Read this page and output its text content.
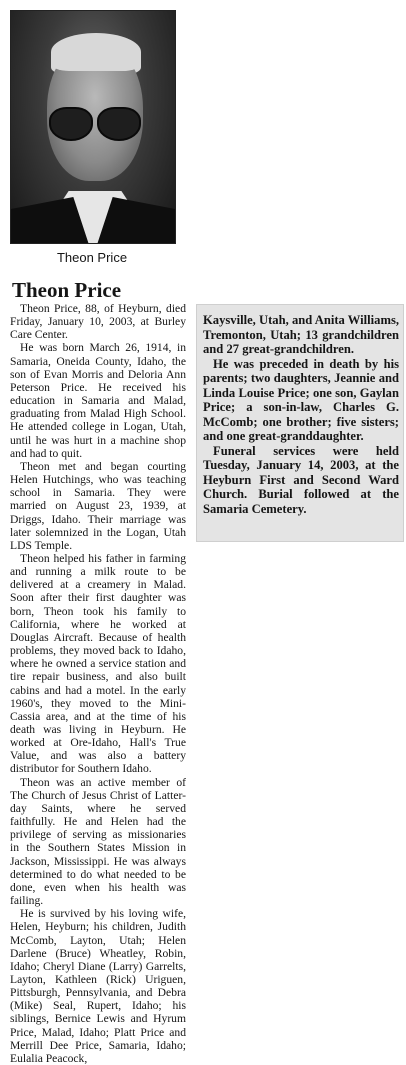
Theon Price
Theon Price

Theon Price, 88, of Heyburn, died Friday, January 10, 2003, at Burley Care Center.

He was born March 26, 1914, in Samaria, Oneida County, Idaho, the son of Evan Morris and Deloria Ann Peterson Price. He received his education in Samaria and Malad, graduating from Malad High School. He attended college in Logan, Utah, until he was hurt in a machine shop and had to quit.

Theon met and began courting Helen Hutchings, who was teaching school in Samaria. They were married on August 23, 1939, at Driggs, Idaho. Their marriage was later solemnized in the Logan, Utah LDS Temple.

Theon helped his father in farming and running a milk route to be delivered at a creamery in Malad. Soon after their first daughter was born, Theon took his family to California, where he worked at Douglas Aircraft. Because of health problems, they moved back to Idaho, where he owned a service station and tire repair business, and also built cabins and had a motel. In the early 1960's, they moved to the Mini-Cassia area, and at the time of his death was living in Heyburn. He worked at Ore-Idaho, Hall's True Value, and was also a battery distributor for Southern Idaho.

Theon was an active member of The Church of Jesus Christ of Latter-day Saints, where he served faithfully. He and Helen had the privilege of serving as missionaries in the Southern States Mission in Jackson, Mississippi. He was always determined to do what needed to be done, even when his health was failing.

He is survived by his loving wife, Helen, Heyburn; his children, Judith McComb, Layton, Utah; Helen Darlene (Bruce) Wheatley, Robin, Idaho; Cheryl Diane (Larry) Garrelts, Layton, Kathleen (Rick) Uriguen, Pittsburgh, Pennsylvania, and Debra (Mike) Seal, Rupert, Idaho; his siblings, Bernice Lewis and Hyrum Price, Malad, Idaho; Platt Price and Merrill Dee Price, Samaria, Idaho; Eulalia Peacock,

Kaysville, Utah, and Anita Williams, Tremonton, Utah; 13 grandchildren and 27 great-grandchildren.

He was preceded in death by his parents; two daughters, Jeannie and Linda Louise Price; one son, Gaylan Price; a son-in-law, Charles G. McComb; one brother; five sisters; and one great-granddaughter.

Funeral services were held Tuesday, January 14, 2003, at the Heyburn First and Second Ward Church. Burial followed at the Samaria Cemetery.
